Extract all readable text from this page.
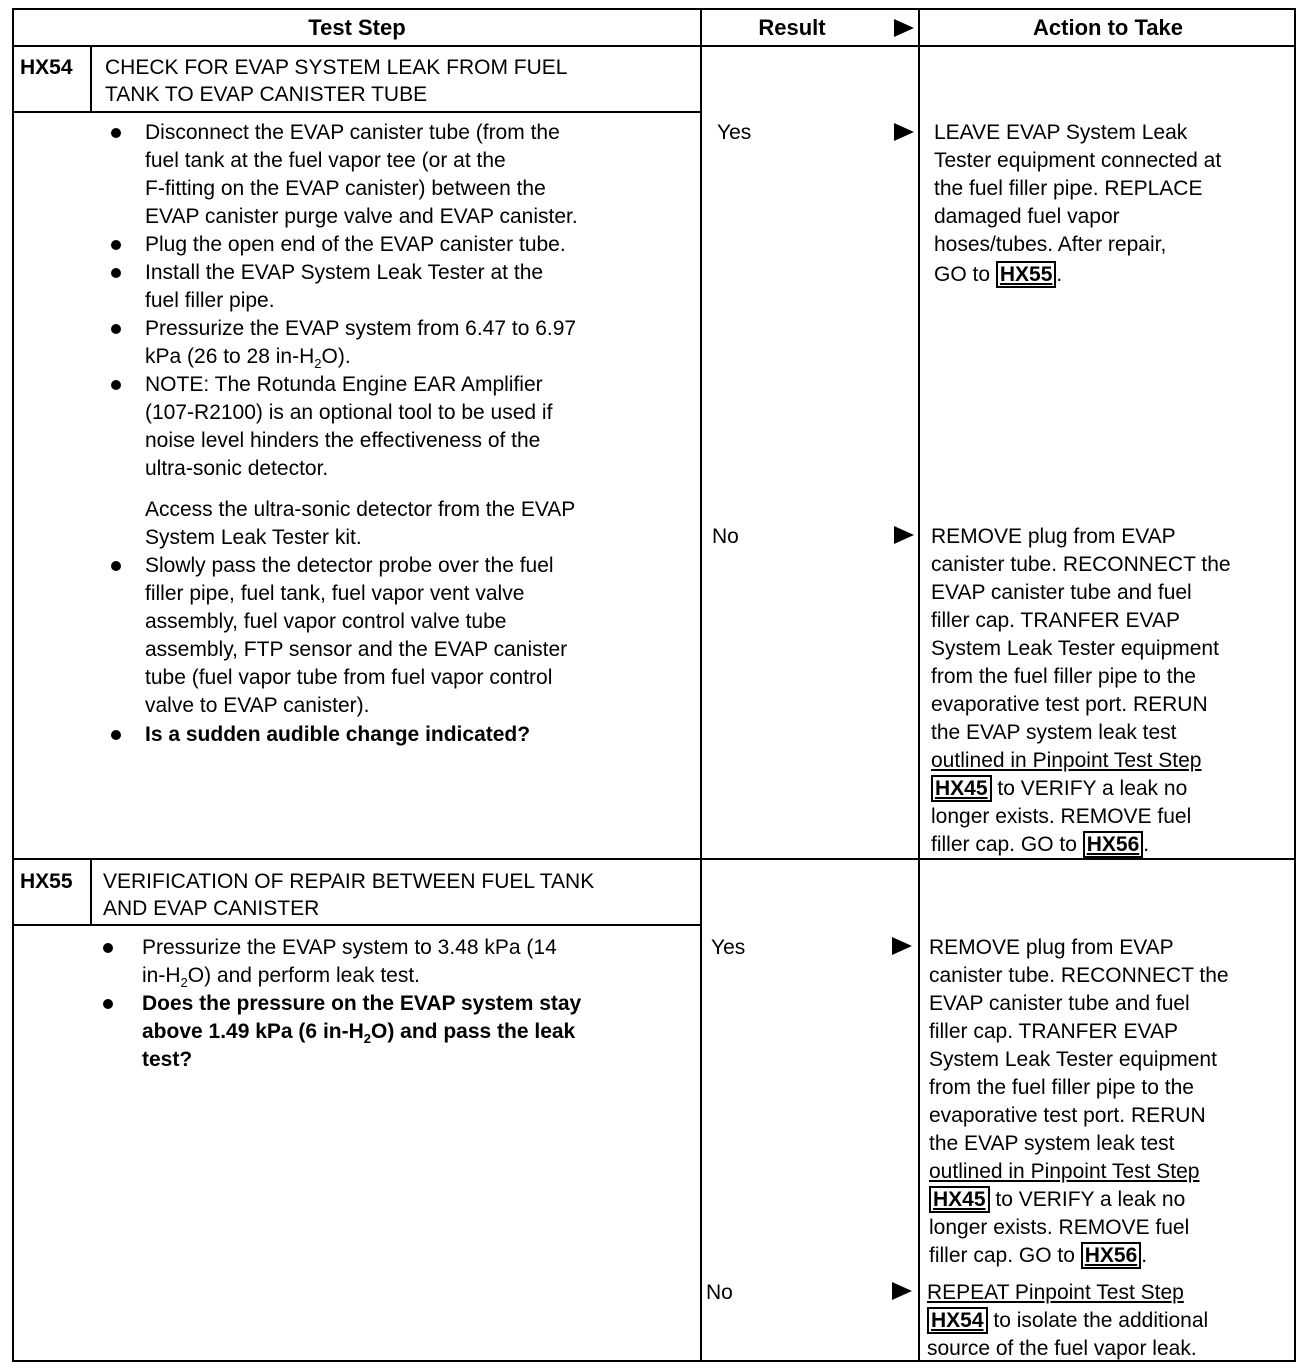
Test Step	Result	Action to Take
HX54 CHECK FOR EVAP SYSTEM LEAK FROM FUEL
TANK TO EVAP CANISTER TUBE
Disconnect the EVAP canister tube (from the
fuel tank at the fuel vapor tee (or at the
F-fitting on the EVAP canister) between the
EVAP canister purge valve and EVAP canister.
Plug the open end of the EVAP canister tube.
Install the EVAP System Leak Tester at the
fuel filler pipe.
Pressurize the EVAP system from 6.47 to 6.97
kPa (26 to 28 $in-H_2O$).
NOTE: The Rotunda Engine EAR Amplifier
(107-R2100) is an optional tool to be used if
noise level hinders the effectiveness of the
ultra-sonic detector.
Access the ultra-sonic detector from the EVAP
System Leak Tester kit.
Slowly pass the detector probe over the fuel
filler pipe, fuel tank, fuel vapor vent valve
assembly, fuel vapor control valve tube
assembly, FTP sensor and the EVAP canister
tube (fuel vapor tube from fuel vapor control
valve to EVAP canister).
Is a sudden audible change indicated?
Yes	LEAVE EVAP System Leak
Tester equipment connected at
the fuel filler pipe. REPLACE
damaged fuel vapor
hoses/tubes. After repair,
GO to HX55 .
No	REMOVE plug from EVAP
canister tube. RECONNECT the
EVAP canister tube and fuel
filler cap. TRANFER EVAP
System Leak Tester equipment
from the fuel filler pipe to the
evaporative test port. RERUN
the EVAP system leak test
outlined in Pinpoint Test Step
HX45 to VERIFY a leak no
longer exists. REMOVE fuel
filler cap. GO to HX56 .
HX55 VERIFICATION OF REPAIR BETWEEN FUEL TANK
AND EVAP CANISTER
Pressurize the EVAP system to 3.48 kPa (14
$in-H_2O$) and perform leak test.
Does the pressure on the EVAP system stay
above 1.49 kPa (6 $in-H_2O$) and pass the leak
test?
Yes	REMOVE plug from EVAP
canister tube. RECONNECT the
EVAP canister tube and fuel
filler cap. TRANFER EVAP
System Leak Tester equipment
from the fuel filler pipe to the
evaporative test port. RERUN
the EVAP system leak test
outlined in Pinpoint Test Step
HX45 to VERIFY a leak no
longer exists. REMOVE fuel
filler cap. GO to HX56 .
No	REPEAT Pinpoint Test Step
HX54 to isolate the additional
source of the fuel vapor leak.
